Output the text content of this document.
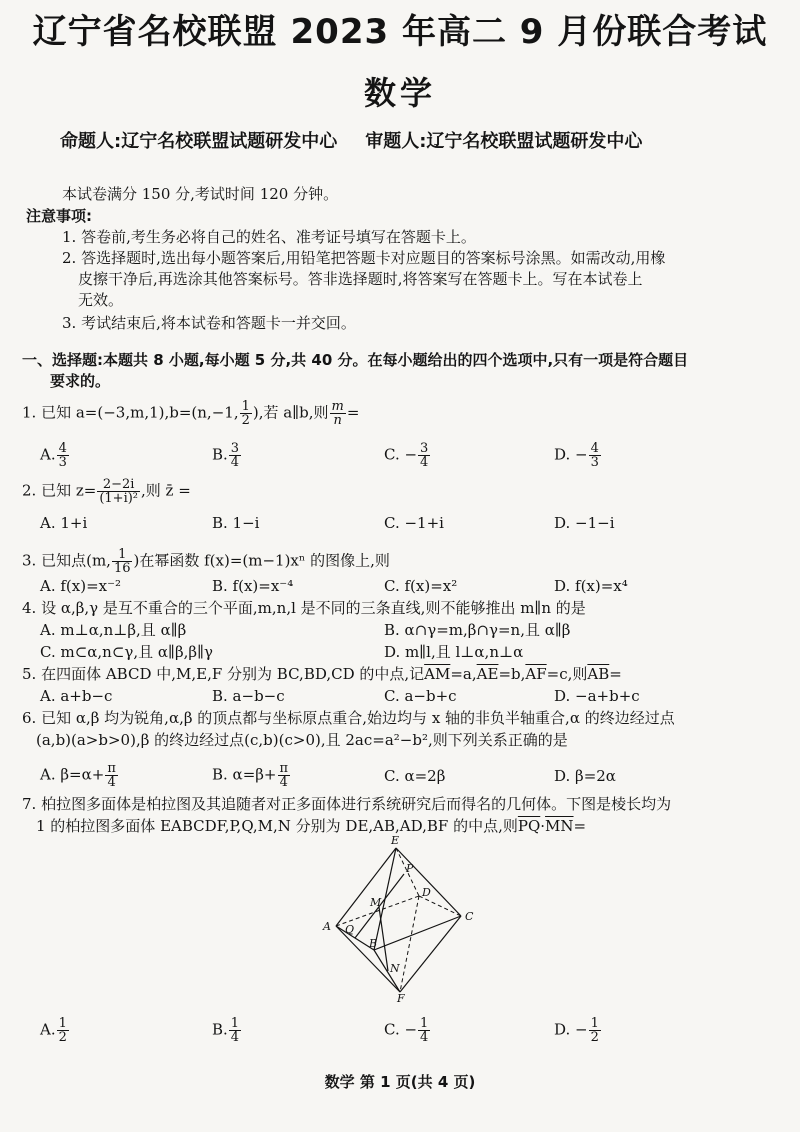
辽宁省名校联盟 2023 年高二 9 月份联合考试
数学
命题人:辽宁名校联盟试题研发中心 审题人:辽宁名校联盟试题研发中心
本试卷满分 150 分,考试时间 120 分钟。
注意事项:
1. 答卷前,考生务必将自己的姓名、准考证号填写在答题卡上。
2. 答选择题时,选出每小题答案后,用铅笔把答题卡对应题目的答案标号涂黑。如需改动,用橡
皮擦干净后,再选涂其他答案标号。答非选择题时,将答案写在答题卡上。写在本试卷上
无效。
3. 考试结束后,将本试卷和答题卡一并交回。
一、选择题:本题共 8 小题,每小题 5 分,共 40 分。在每小题给出的四个选项中,只有一项是符合题目
要求的。
1. 已知 a=(−3,m,1),b=(n,−1, $\frac{1}{2}$ ),若 a∥b,则 $\frac{m}{n}$ =
A. $\frac{4}{3}$	B. $\frac{3}{4}$	C. − $\frac{3}{4}$	D. − $\frac{4}{3}$
2. 已知 $z= \frac{2-2i}{\text{(1+i)²}}$ ,则 z̄ =
A. 1+i	B. 1−i	C. −1+i	D. −1−i
3. 已知点(m, $\frac{1}{16}$ )在幂函数 f(x)=(m−1)xⁿ 的图像上,则
A. f(x)=x⁻²	B. f(x)=x⁻⁴	C. f(x)=x²	D. f(x)=x⁴
4. 设 α,β,γ 是互不重合的三个平面,m,n,l 是不同的三条直线,则不能够推出 m∥n 的是
A. m⊥α,n⊥β,且 α∥β	B. α∩γ=m,β∩γ=n,且 α∥β
C. m⊂α,n⊂γ,且 α∥β,β∥γ	D. m∥l,且 l⊥α,n⊥α
5. 在四面体 ABCD 中,M,E,F 分别为 BC,BD,CD 的中点,记$\overline{AM}=a,\overline{AE}=b,\overline{AF}=c$,则$\overline{AB}=$
A. a+b−c	B. a−b−c	C. a−b+c	D. −a+b+c
6. 已知 α,β 均为锐角,α,β 的顶点都与坐标原点重合,始边均与 x 轴的非负半轴重合,α 的终边经过点
(a,b)(a>b>0),β 的终边经过点(c,b)(c>0),且 2ac=a²−b²,则下列关系正确的是
A. $\beta=\alpha+ \frac{\pi}{4}$	B. $\alpha=\beta+ \frac{\pi}{4}$	C. α=2β	D. β=2α
7. 柏拉图多面体是柏拉图及其追随者对正多面体进行系统研究后而得名的几何体。下图是棱长均为
1 的柏拉图多面体 EABCDF,P,Q,M,N 分别为 DE,AB,AD,BF 的中点,则$\overline{PQ}\cdot\overline{MN}=$
E
P
M
D
C
A Q
B
N
F
A. $\frac{1}{2}$	B. $\frac{1}{4}$	C. − $\frac{1}{4}$	D. − $\frac{1}{2}$
数学 第 1 页(共 4 页)
